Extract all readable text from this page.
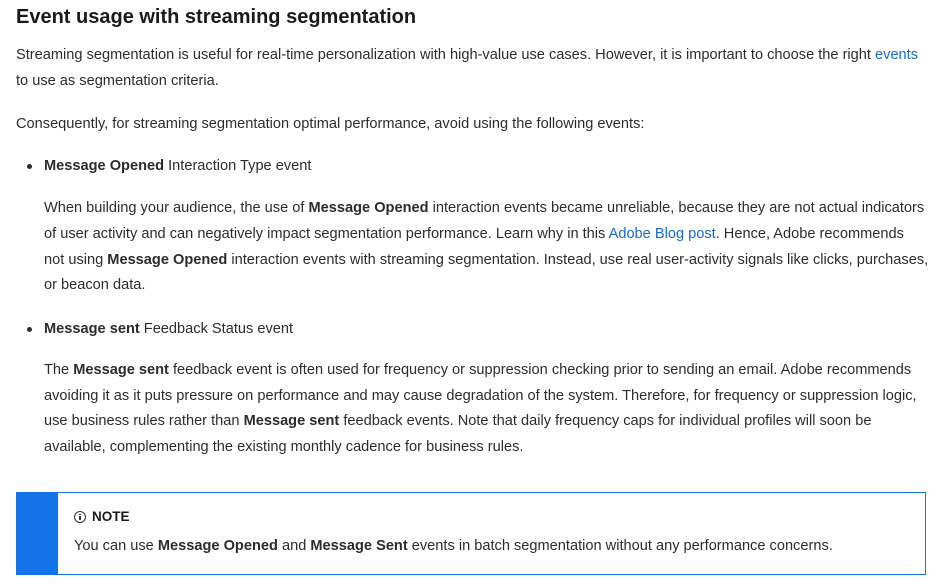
Event usage with streaming segmentation

Streaming segmentation is useful for real-time personalization with high-value use cases. However, it is important to choose the right events

to use as segmentation criteria.

Consequently, for streaming segmentation optimal performance, avoid using the following events:

Message Opened Interaction Type event
When building your audience, the use of Message Opened interaction events became unreliable, because they are not actual indicators
of user activity and can negatively impact segmentation performance. Learn why in this Adobe Blog post. Hence, Adobe recommends
not using Message Opened interaction events with streaming segmentation. Instead, use real user-activity signals like clicks, purchases,
or beacon data.
Message sent Feedback Status event
The Message sent feedback event is often used for frequency or suppression checking prior to sending an email. Adobe recommends
avoiding it as it puts pressure on performance and may cause degradation of the system. Therefore, for frequency or suppression logic,
use business rules rather than Message sent feedback events. Note that daily frequency caps for individual profiles will soon be
available, complementing the existing monthly cadence for business rules.
NOTE
You can use Message Opened and Message Sent events in batch segmentation without any performance concerns.
